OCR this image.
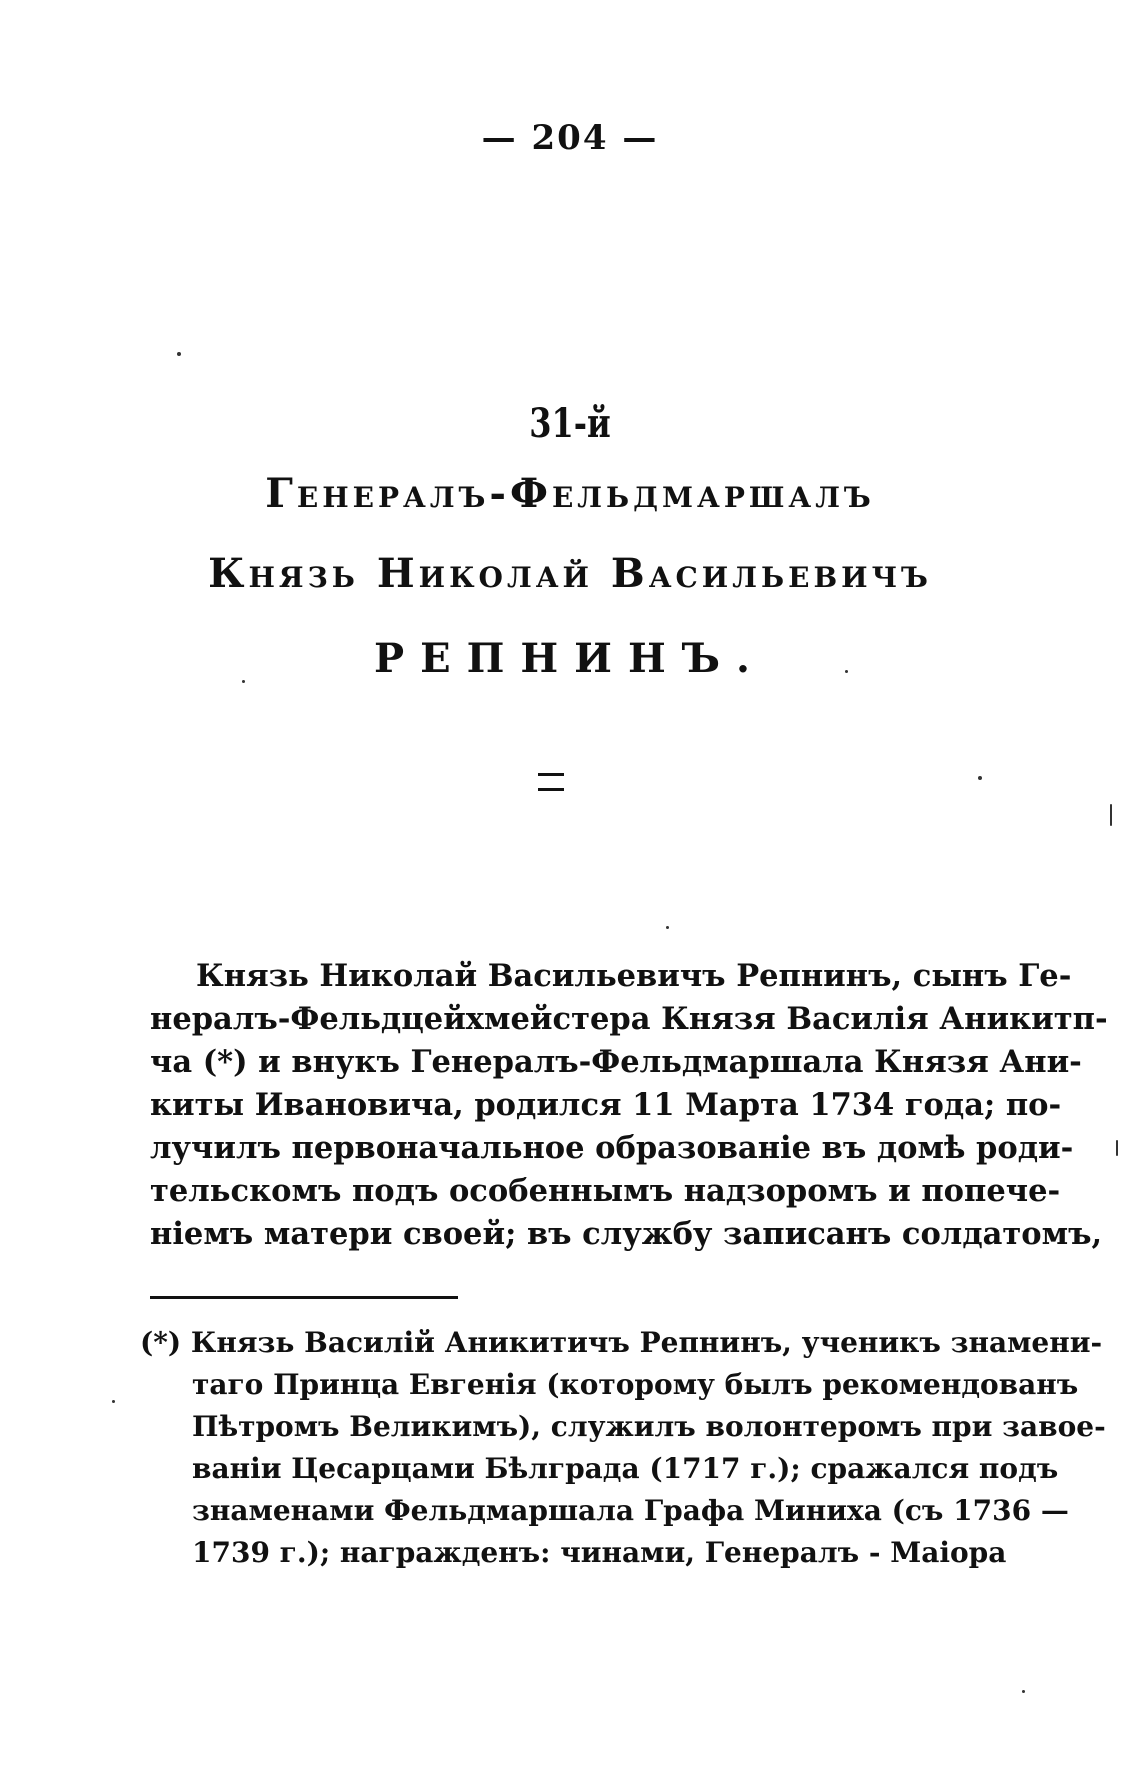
— 204 —
31-й
Генералъ-Фельдмаршалъ
Князь Николай Васильевичъ
РЕПНИНЪ.
Князь Николай Васильевичъ Репнинъ, сынъ Ге-
нералъ-Фельдцейхмейстера Князя Василія Аникитп-
ча (*) и внукъ Генералъ-Фельдмаршала Князя Ани-
киты Ивановича, родился 11 Марта 1734 года; по-
лучилъ первоначальное образованіе въ домѣ роди-
тельскомъ подъ особеннымъ надзоромъ и попече-
ніемъ матери своей; въ службу записанъ солдатомъ,
(*) Князь Василій Аникитичъ Репнинъ, ученикъ знамени-
таго Принца Евгенія (которому былъ рекомендованъ
Пѣтромъ Великимъ), служилъ волонтеромъ при завое-
ваніи Цесарцами Бѣлграда (1717 г.); сражался подъ
знаменами Фельдмаршала Графа Миниха (съ 1736 —
1739 г.); награжденъ: чинами, Генералъ - Маіора
